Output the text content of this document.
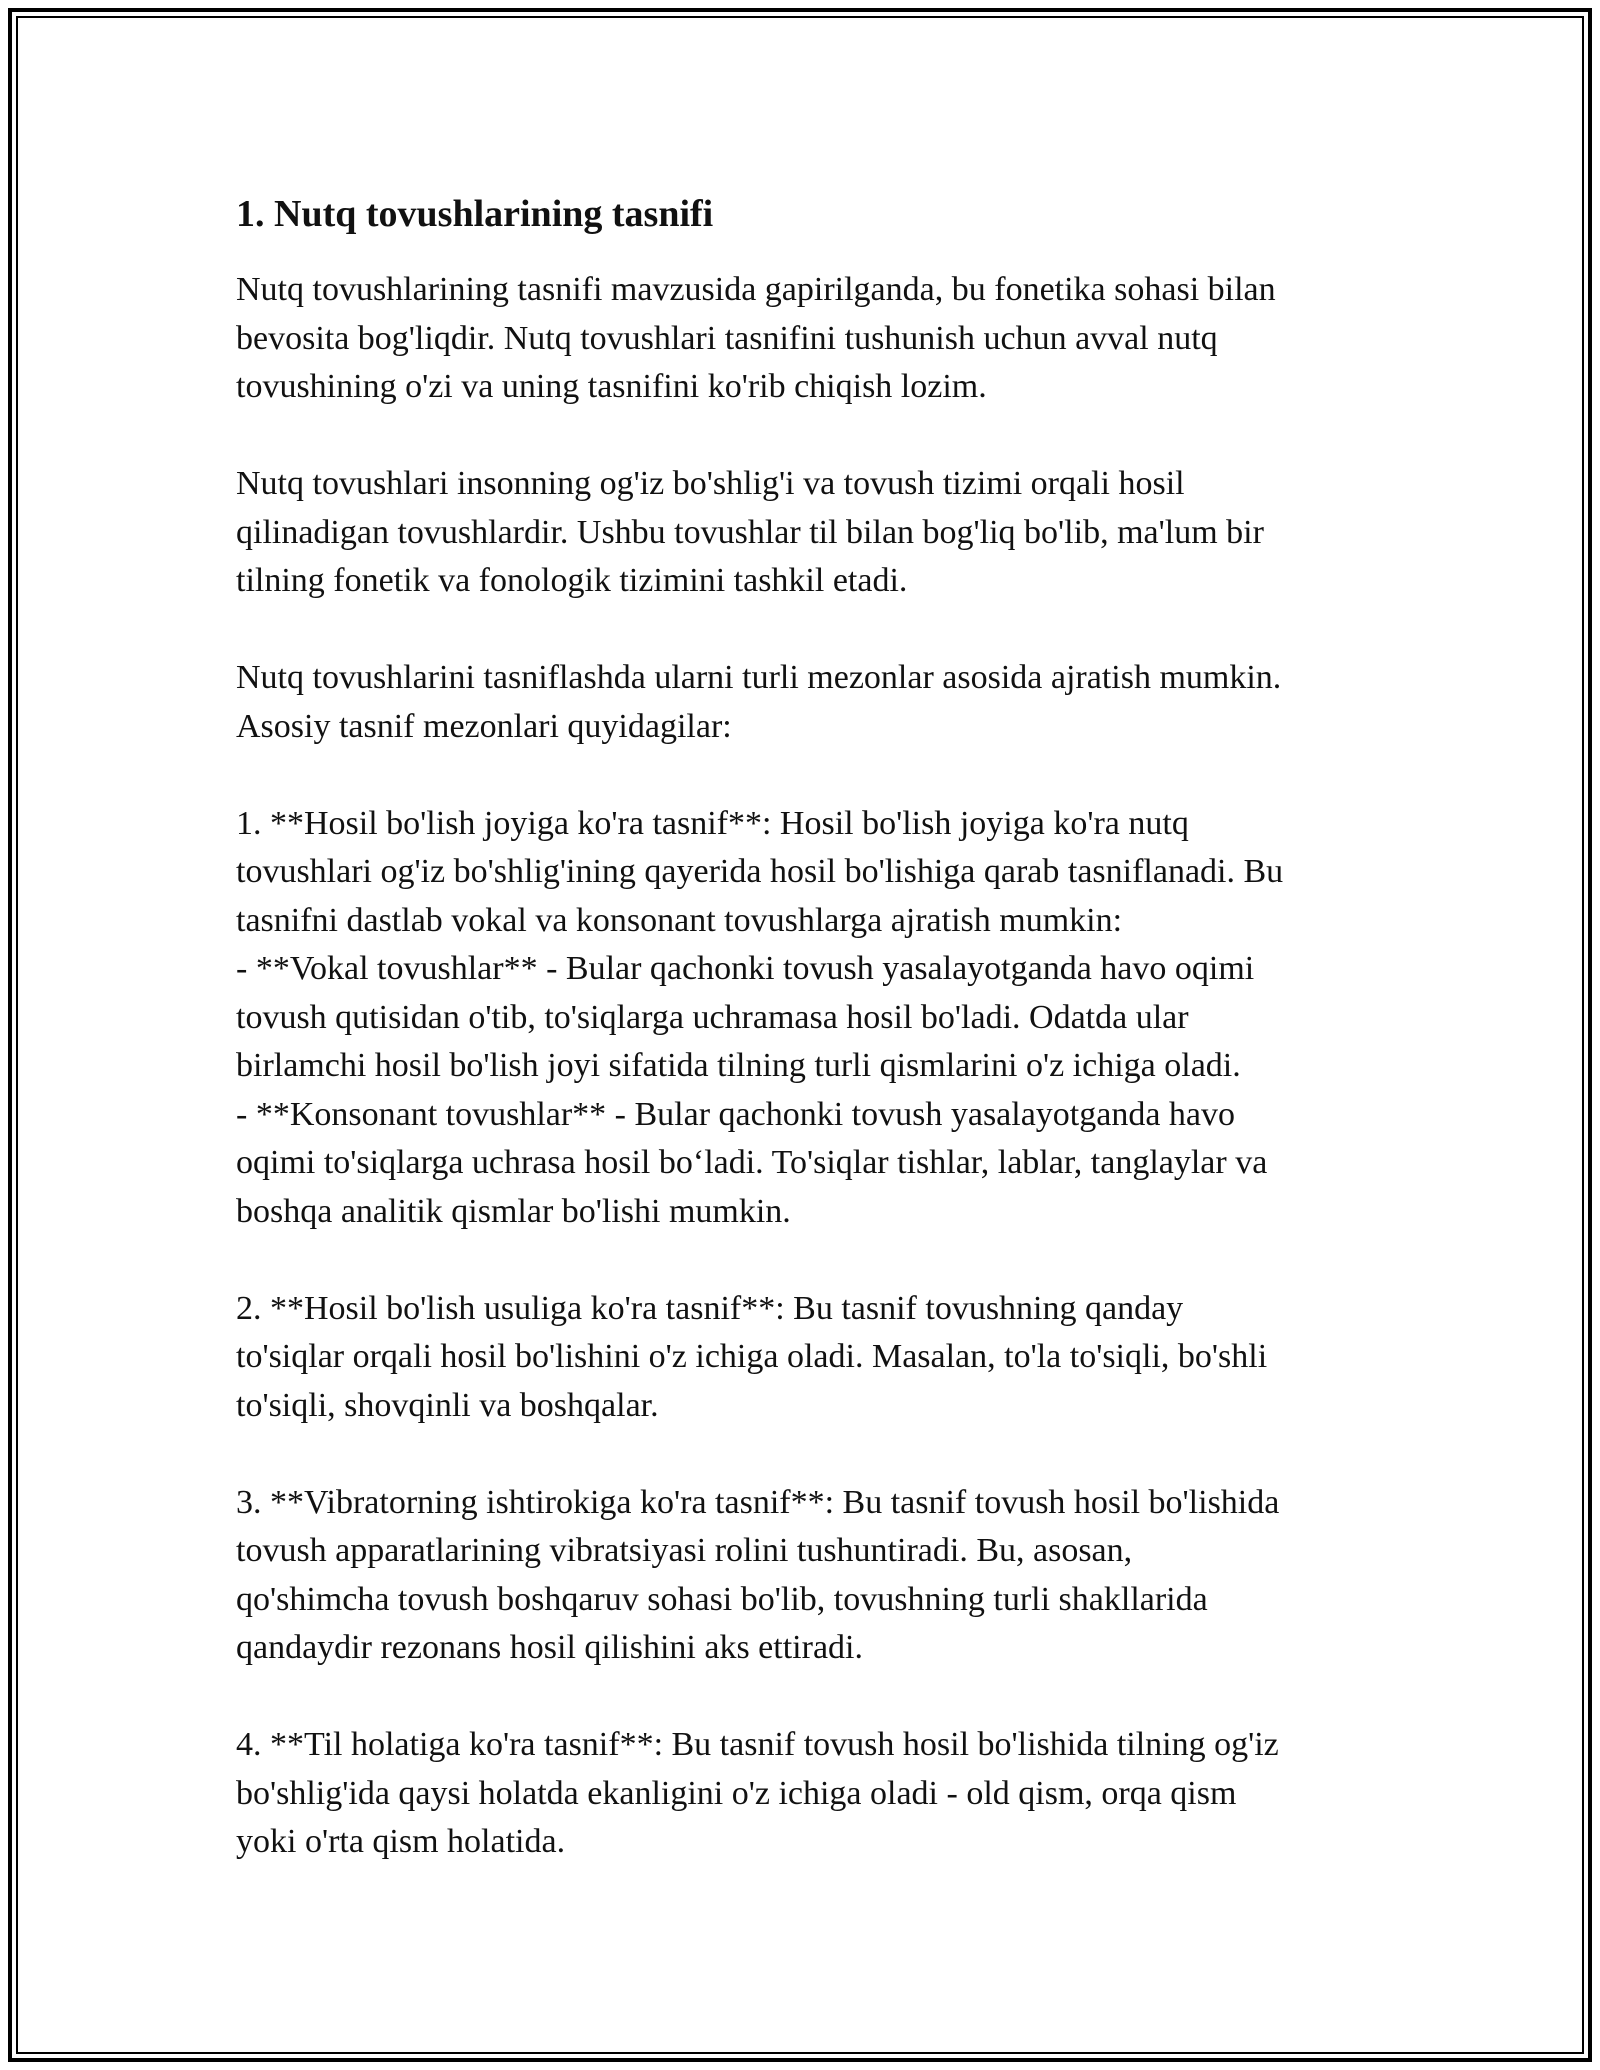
1. Nutq tovushlarining tasnifi

Nutq tovushlarining tasnifi mavzusida gapirilganda, bu fonetika sohasi bilan
bevosita bog'liqdir. Nutq tovushlari tasnifini tushunish uchun avval nutq
tovushining o'zi va uning tasnifini ko'rib chiqish lozim.

Nutq tovushlari insonning og'iz bo'shlig'i va tovush tizimi orqali hosil
qilinadigan tovushlardir. Ushbu tovushlar til bilan bog'liq bo'lib, ma'lum bir
tilning fonetik va fonologik tizimini tashkil etadi.

Nutq tovushlarini tasniflashda ularni turli mezonlar asosida ajratish mumkin.
Asosiy tasnif mezonlari quyidagilar:

1. **Hosil bo'lish joyiga ko'ra tasnif**: Hosil bo'lish joyiga ko'ra nutq
tovushlari og'iz bo'shlig'ining qayerida hosil bo'lishiga qarab tasniflanadi. Bu
tasnifni dastlab vokal va konsonant tovushlarga ajratish mumkin:
- **Vokal tovushlar** - Bular qachonki tovush yasalayotganda havo oqimi
tovush qutisidan o'tib, to'siqlarga uchramasa hosil bo'ladi. Odatda ular
birlamchi hosil bo'lish joyi sifatida tilning turli qismlarini o'z ichiga oladi.
- **Konsonant tovushlar** - Bular qachonki tovush yasalayotganda havo
oqimi to'siqlarga uchrasa hosil bo‘ladi. To'siqlar tishlar, lablar, tanglaylar va
boshqa analitik qismlar bo'lishi mumkin.

2. **Hosil bo'lish usuliga ko'ra tasnif**: Bu tasnif tovushning qanday
to'siqlar orqali hosil bo'lishini o'z ichiga oladi. Masalan, to'la to'siqli, bo'shli
to'siqli, shovqinli va boshqalar.

3. **Vibratorning ishtirokiga ko'ra tasnif**: Bu tasnif tovush hosil bo'lishida
tovush apparatlarining vibratsiyasi rolini tushuntiradi. Bu, asosan,
qo'shimcha tovush boshqaruv sohasi bo'lib, tovushning turli shakllarida
qandaydir rezonans hosil qilishini aks ettiradi.

4. **Til holatiga ko'ra tasnif**: Bu tasnif tovush hosil bo'lishida tilning og'iz
bo'shlig'ida qaysi holatda ekanligini o'z ichiga oladi - old qism, orqa qism
yoki o'rta qism holatida.
